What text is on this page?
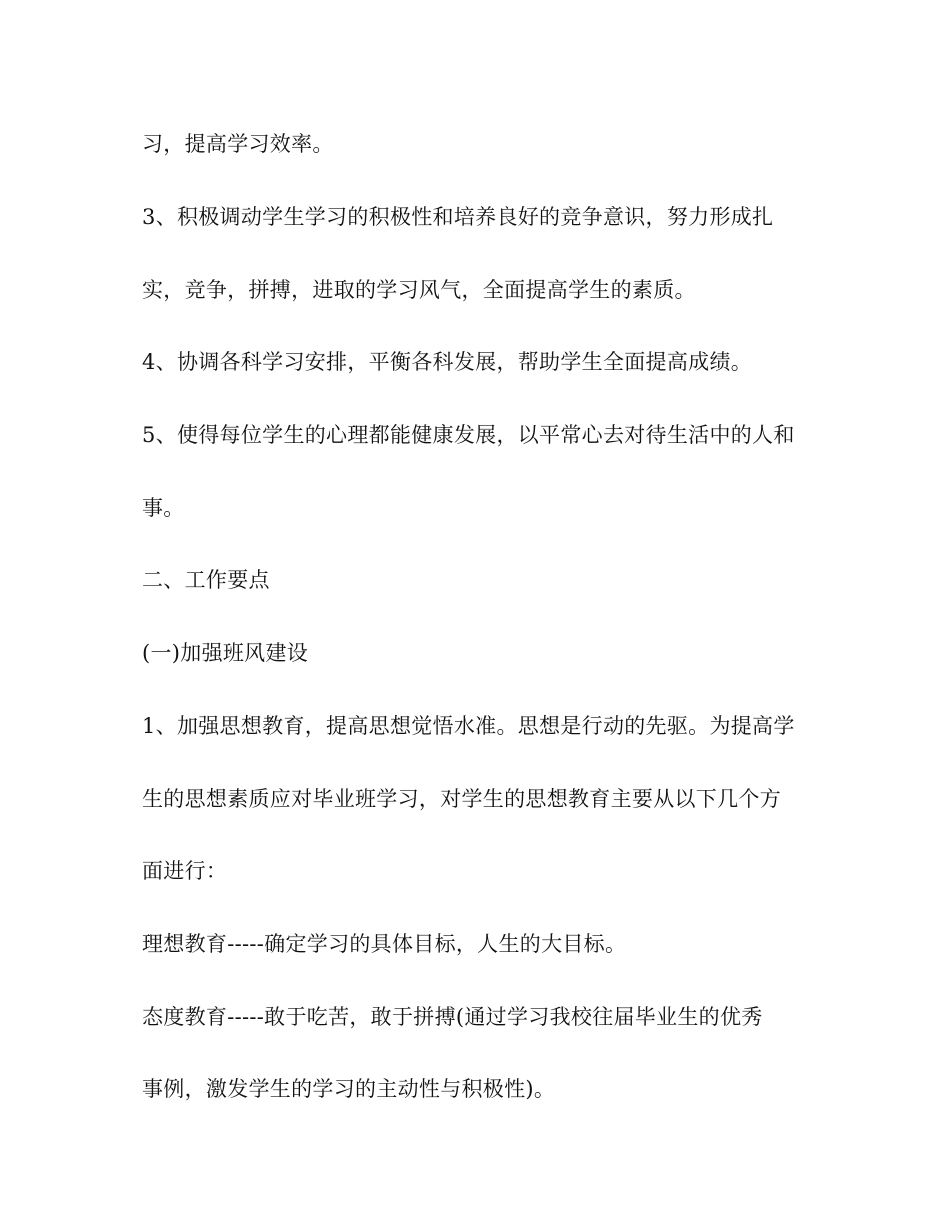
习，提高学习效率。
3、积极调动学生学习的积极性和培养良好的竞争意识，努力形成扎
实，竞争，拼搏，进取的学习风气，全面提高学生的素质。
4、协调各科学习安排，平衡各科发展，帮助学生全面提高成绩。
5、使得每位学生的心理都能健康发展，以平常心去对待生活中的人和
事。
二、工作要点
(一)加强班风建设
1、加强思想教育，提高思想觉悟水准。思想是行动的先驱。为提高学
生的思想素质应对毕业班学习，对学生的思想教育主要从以下几个方
面进行：
理想教育-----确定学习的具体目标，人生的大目标。
态度教育-----敢于吃苦，敢于拼搏(通过学习我校往届毕业生的优秀
事例，激发学生的学习的主动性与积极性)。
